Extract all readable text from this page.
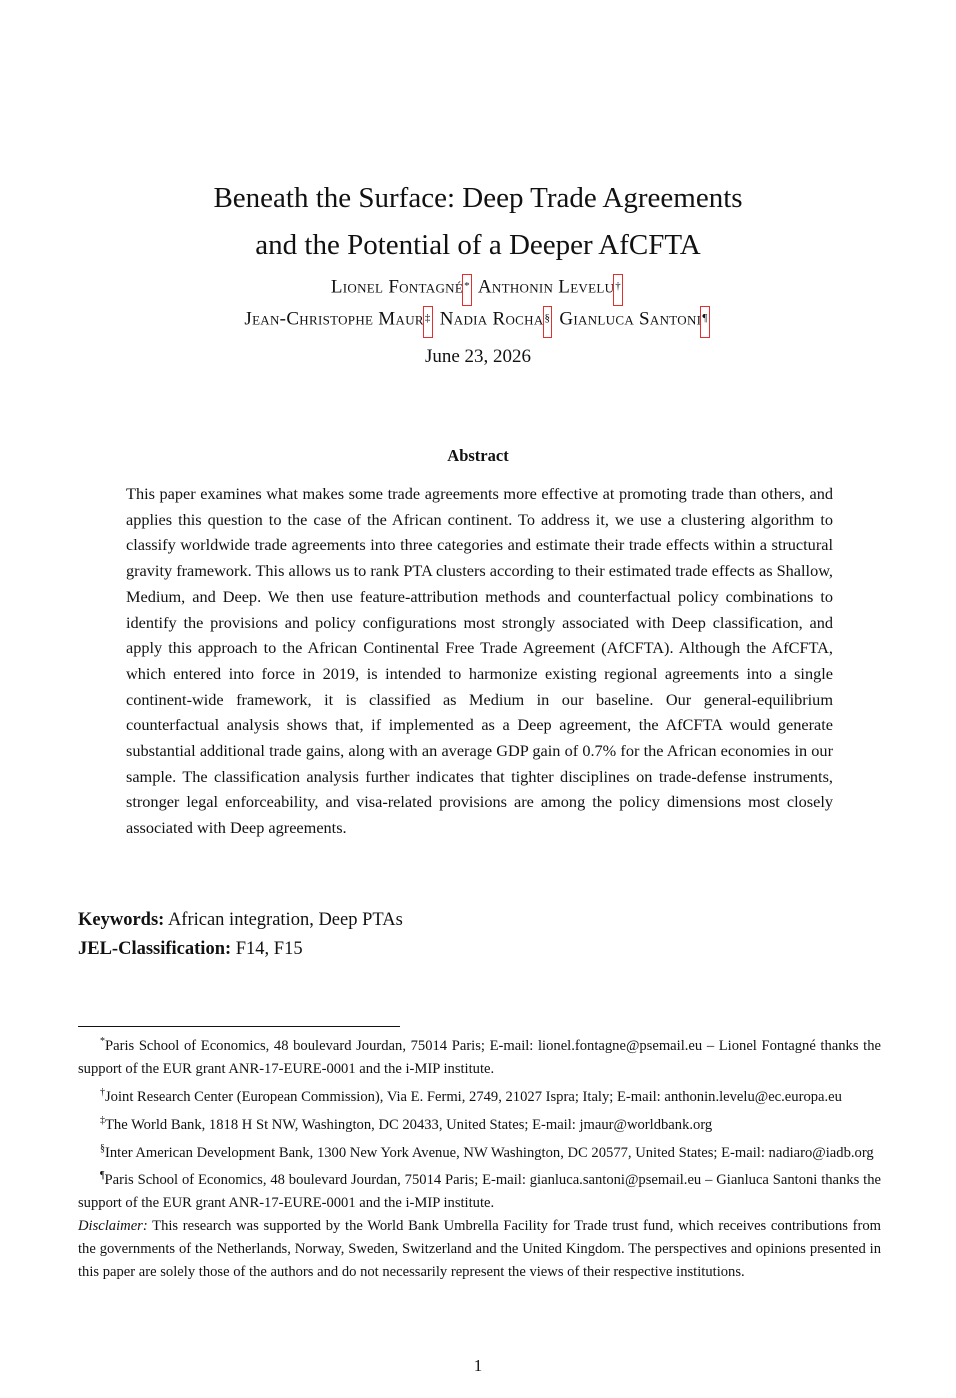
Beneath the Surface: Deep Trade Agreements
and the Potential of a Deeper AfCFTA
Lionel Fontagné* Anthonin Levelu†
Jean-Christophe Maur‡ Nadia Rocha§ Gianluca Santoni¶
June 23, 2026
Abstract

This paper examines what makes some trade agreements more effective at promoting trade than others, and applies this question to the case of the African continent. To address it, we use a clustering algorithm to classify worldwide trade agreements into three categories and estimate their trade effects within a structural gravity framework. This allows us to rank PTA clusters according to their estimated trade effects as Shallow, Medium, and Deep. We then use feature-attribution methods and counterfactual policy combinations to identify the provisions and policy configurations most strongly associated with Deep classification, and apply this approach to the African Continental Free Trade Agreement (AfCFTA). Although the AfCFTA, which entered into force in 2019, is intended to harmonize existing regional agreements into a single continent-wide framework, it is classified as Medium in our baseline. Our general-equilibrium counterfactual analysis shows that, if implemented as a Deep agreement, the AfCFTA would generate substantial additional trade gains, along with an average GDP gain of 0.7% for the African economies in our sample. The classification analysis further indicates that tighter disciplines on trade-defense instruments, stronger legal enforceability, and visa-related provisions are among the policy dimensions most closely associated with Deep agreements.

Keywords: African integration, Deep PTAs
JEL-Classification: F14, F15

*Paris School of Economics, 48 boulevard Jourdan, 75014 Paris; E-mail: lionel.fontagne@psemail.eu – Lionel Fontagné thanks the support of the EUR grant ANR-17-EURE-0001 and the i-MIP institute.

†Joint Research Center (European Commission), Via E. Fermi, 2749, 21027 Ispra; Italy; E-mail: anthonin.levelu@ec.europa.eu

‡The World Bank, 1818 H St NW, Washington, DC 20433, United States; E-mail: jmaur@worldbank.org

§Inter American Development Bank, 1300 New York Avenue, NW Washington, DC 20577, United States; E-mail: nadiaro@iadb.org

¶Paris School of Economics, 48 boulevard Jourdan, 75014 Paris; E-mail: gianluca.santoni@psemail.eu – Gianluca Santoni thanks the support of the EUR grant ANR-17-EURE-0001 and the i-MIP institute.

Disclaimer: This research was supported by the World Bank Umbrella Facility for Trade trust fund, which receives contributions from the governments of the Netherlands, Norway, Sweden, Switzerland and the United Kingdom. The perspectives and opinions presented in this paper are solely those of the authors and do not necessarily represent the views of their respective institutions.

1
